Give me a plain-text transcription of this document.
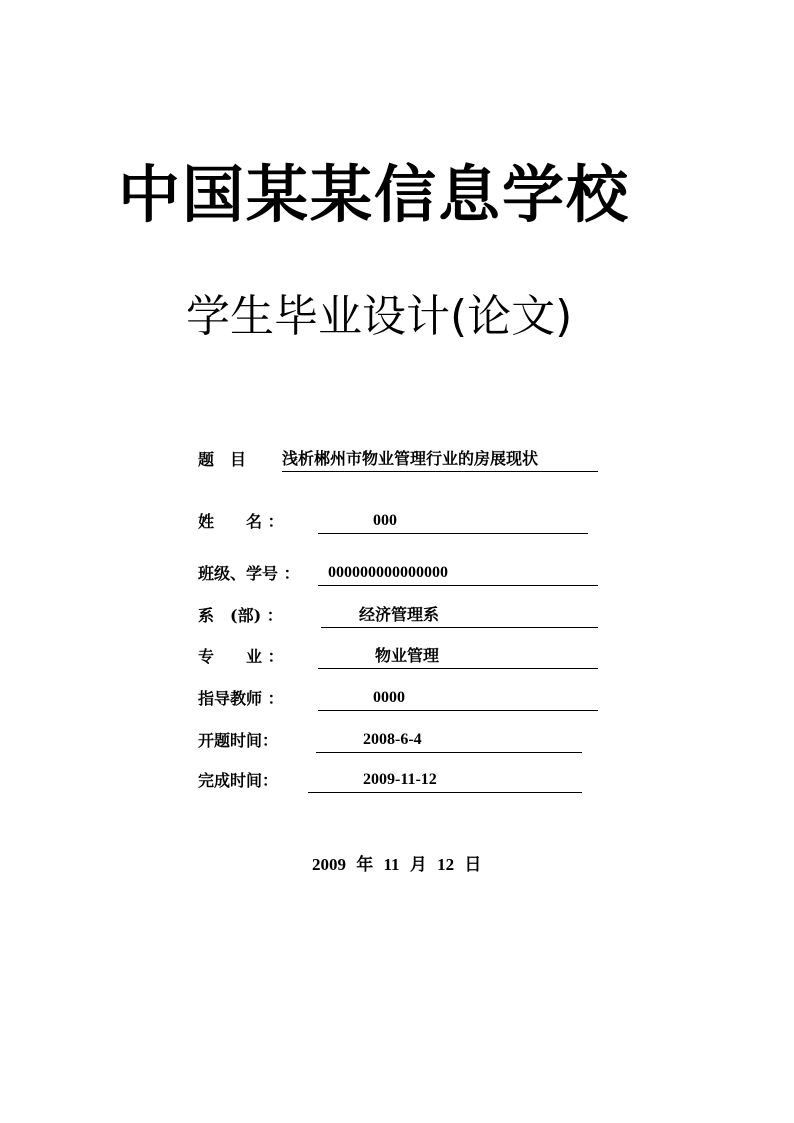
中国某某信息学校
学生毕业设计(论文)
题　目 浅析郴州市物业管理行业的房展现状
姓　　名 ：	000
班级、学号 ：	000000000000000
系　(部) ：	经济管理系
专　　业 ：	物业管理
指导教师 ：	0000
开题时间：	2008-6-4
完成时间：	2009-11-12
2009 年 11 月 12 日
